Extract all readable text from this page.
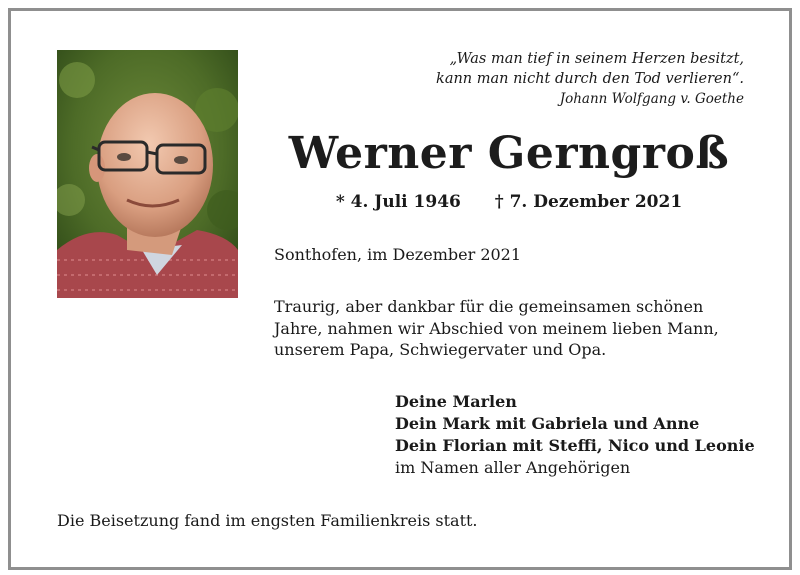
„Was man tief in seinem Herzen besitzt,
kann man nicht durch den Tod verlieren“.
Johann Wolfgang v. Goethe
Werner Gerngroß
* 4. Juli 1946 † 7. Dezember 2021
Sonthofen, im Dezember 2021
Traurig, aber dankbar für die gemeinsamen schönen
Jahre, nahmen wir Abschied von meinem lieben Mann,
unserem Papa, Schwiegervater und Opa.
Deine Marlen
Dein Mark mit Gabriela und Anne
Dein Florian mit Steffi, Nico und Leonie
im Namen aller Angehörigen
Die Beisetzung fand im engsten Familienkreis statt.
